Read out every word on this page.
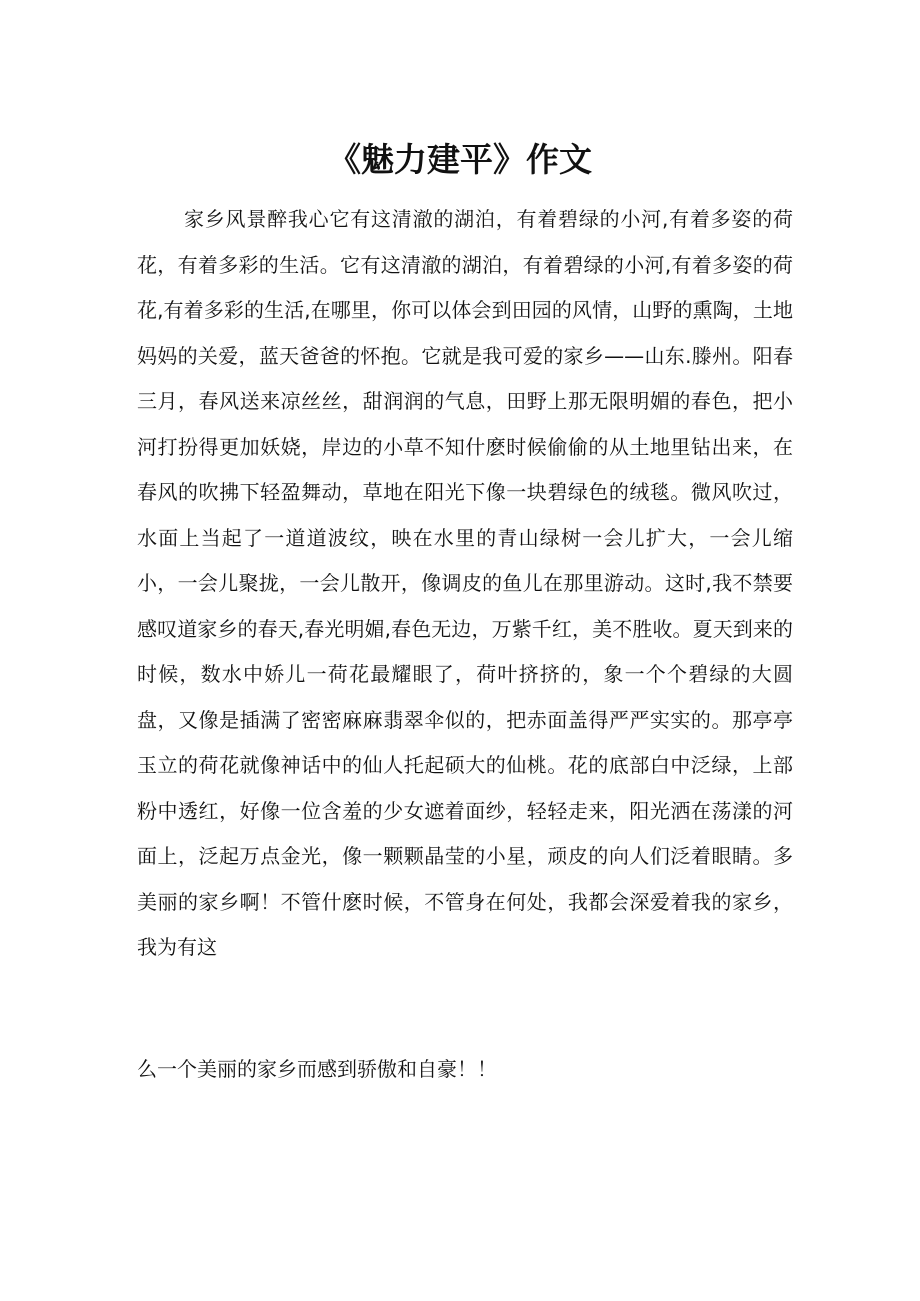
《魅力建平》作文

家乡风景醉我心它有这清澈的湖泊，有着碧绿的小河,有着多姿的荷花，有着多彩的生活。它有这清澈的湖泊，有着碧绿的小河,有着多姿的荷花,有着多彩的生活,在哪里，你可以体会到田园的风情，山野的熏陶，土地妈妈的关爱，蓝天爸爸的怀抱。它就是我可爱的家乡——山东.滕州。阳春三月，春风送来凉丝丝，甜润润的气息，田野上那无限明媚的春色，把小河打扮得更加妖娆，岸边的小草不知什麽时候偷偷的从土地里钻出来，在春风的吹拂下轻盈舞动，草地在阳光下像一块碧绿色的绒毯。微风吹过，水面上当起了一道道波纹，映在水里的青山绿树一会儿扩大，一会儿缩小，一会儿聚拢，一会儿散开，像调皮的鱼儿在那里游动。这时,我不禁要感叹道家乡的春天,春光明媚,春色无边，万紫千红，美不胜收。夏天到来的时候，数水中娇儿一荷花最耀眼了，荷叶挤挤的，象一个个碧绿的大圆盘，又像是插满了密密麻麻翡翠伞似的，把赤面盖得严严实实的。那亭亭玉立的荷花就像神话中的仙人托起硕大的仙桃。花的底部白中泛绿，上部粉中透红，好像一位含羞的少女遮着面纱，轻轻走来，阳光洒在荡漾的河面上，泛起万点金光，像一颗颗晶莹的小星，顽皮的向人们泛着眼睛。多美丽的家乡啊！不管什麽时候，不管身在何处，我都会深爱着我的家乡，我为有这

么一个美丽的家乡而感到骄傲和自豪！！
